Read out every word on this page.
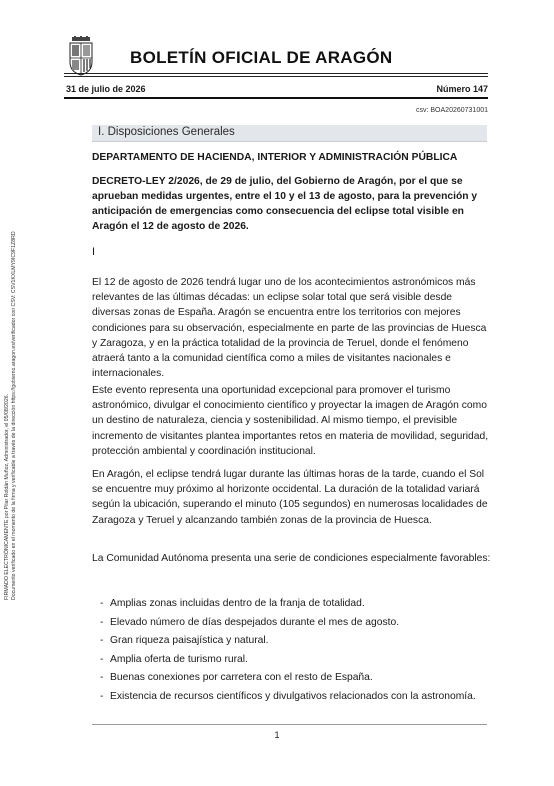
FIRMADO ELECTRÓNICAMENTE por Pilar Roldán Muñoz, Administrador, el 05/08/2026. Documento verificado en el momento de la firma y verificable a través de la dirección https://gobierno.aragon.es/verificador con CSV: CSV1KXLMY9IC9F1Z8RD
BOLETÍN OFICIAL DE ARAGÓN
31 de julio de 2026	Número 147
csv: BOA20260731001
I. Disposiciones Generales
DEPARTAMENTO DE HACIENDA, INTERIOR Y ADMINISTRACIÓN PÚBLICA
DECRETO-LEY 2/2026, de 29 de julio, del Gobierno de Aragón, por el que se aprueban medidas urgentes, entre el 10 y el 13 de agosto, para la prevención y anticipación de emergencias como consecuencia del eclipse total visible en Aragón el 12 de agosto de 2026.
I
El 12 de agosto de 2026 tendrá lugar uno de los acontecimientos astronómicos más relevantes de las últimas décadas: un eclipse solar total que será visible desde diversas zonas de España. Aragón se encuentra entre los territorios con mejores condiciones para su observación, especialmente en parte de las provincias de Huesca y Zaragoza, y en la práctica totalidad de la provincia de Teruel, donde el fenómeno atraerá tanto a la comunidad científica como a miles de visitantes nacionales e internacionales.
Este evento representa una oportunidad excepcional para promover el turismo astronómico, divulgar el conocimiento científico y proyectar la imagen de Aragón como un destino de naturaleza, ciencia y sostenibilidad. Al mismo tiempo, el previsible incremento de visitantes plantea importantes retos en materia de movilidad, seguridad, protección ambiental y coordinación institucional.
En Aragón, el eclipse tendrá lugar durante las últimas horas de la tarde, cuando el Sol se encuentre muy próximo al horizonte occidental. La duración de la totalidad variará según la ubicación, superando el minuto (105 segundos) en numerosas localidades de Zaragoza y Teruel y alcanzando también zonas de la provincia de Huesca.
La Comunidad Autónoma presenta una serie de condiciones especialmente favorables:
- Amplias zonas incluidas dentro de la franja de totalidad.
- Elevado número de días despejados durante el mes de agosto.
- Gran riqueza paisajística y natural.
- Amplia oferta de turismo rural.
- Buenas conexiones por carretera con el resto de España.
- Existencia de recursos científicos y divulgativos relacionados con la astronomía.
1
